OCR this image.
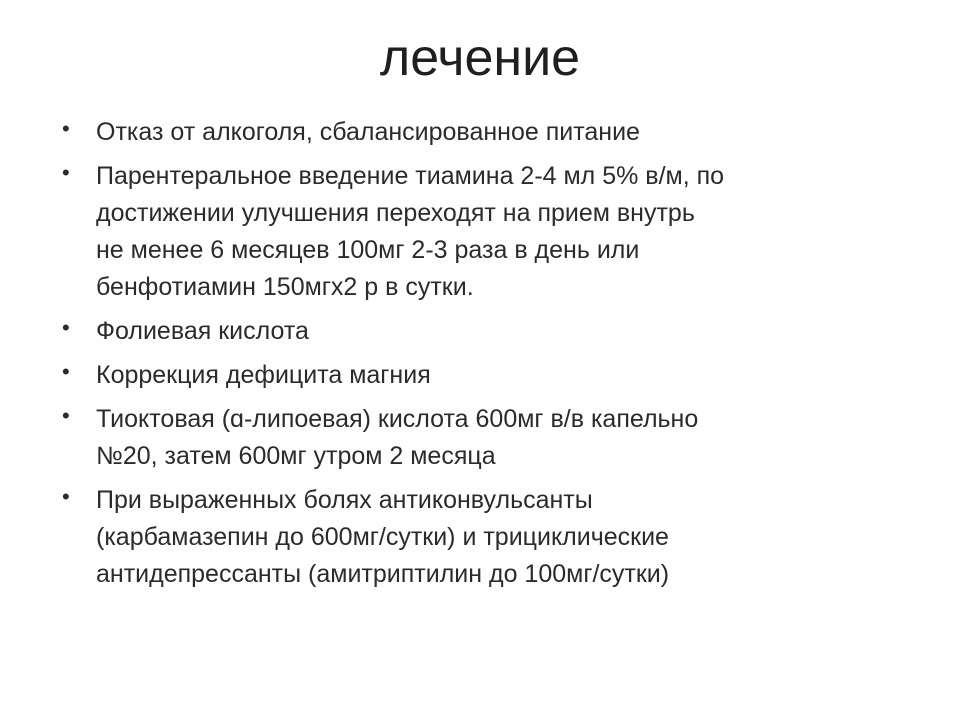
лечение
• Отказ от алкоголя, сбалансированное питание
• Парентеральное введение тиамина 2-4 мл 5% в/м, по
достижении улучшения переходят на прием внутрь
не менее 6 месяцев 100мг 2-3 раза в день или
бенфотиамин 150мгх2 р в сутки.
• Фолиевая кислота
• Коррекция дефицита магния
• Тиоктовая (ɑ-липоевая) кислота 600мг в/в капельно
№20, затем 600мг утром 2 месяца
• При выраженных болях антиконвульсанты
(карбамазепин до 600мг/сутки) и трициклические
антидепрессанты (амитриптилин до 100мг/сутки)
